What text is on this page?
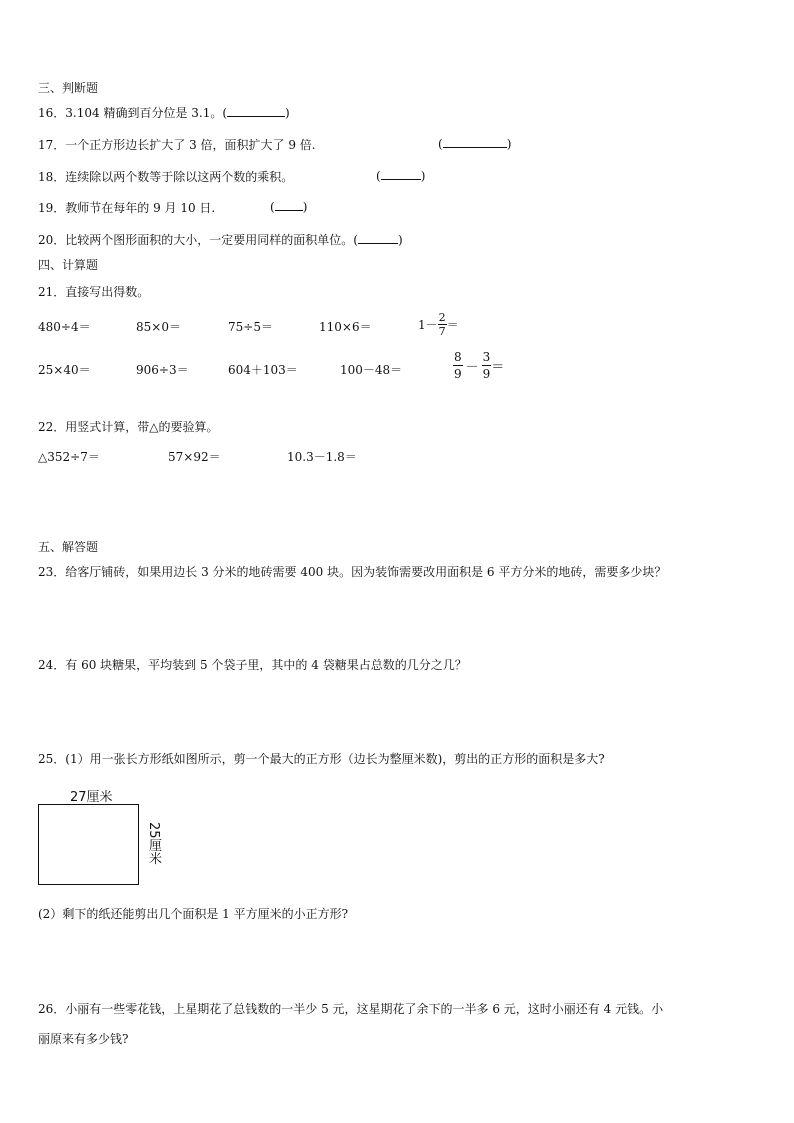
三、判断题
16．3.104 精确到百分位是 3.1。(	)
17．一个正方形边长扩大了 3 倍，面积扩大了 9 倍.	(	)
18．连续除以两个数等于除以这两个数的乘积。	(	)
19．教师节在每年的 9 月 10 日.	( )
20．比较两个图形面积的大小，一定要用同样的面积单位。(	)
四、计算题
21．直接写出得数。
480÷4＝	85×0＝	75÷5＝	110×6＝	$1- \frac{2}{7}$ ＝
25×40＝	906÷3＝	604＋103＝	100－48＝	$\frac{8}{9} - \frac{3}{9}$ ＝
22．用竖式计算，带△的要验算。
△352÷7＝	57×92＝	10.3－1.8＝
五、解答题
23．给客厅铺砖，如果用边长 3 分米的地砖需要 400 块。因为装饰需要改用面积是 6 平方分米的地砖，需要多少块？
24．有 60 块糖果，平均装到 5 个袋子里，其中的 4 袋糖果占总数的几分之几？
25．(1）用一张长方形纸如图所示，剪一个最大的正方形（边长为整厘米数)，剪出的正方形的面积是多大?
27厘米
25厘米
(2）剩下的纸还能剪出几个面积是 1 平方厘米的小正方形?
26．小丽有一些零花钱，上星期花了总钱数的一半少 5 元，这星期花了余下的一半多 6 元，这时小丽还有 4 元钱。小
丽原来有多少钱?
